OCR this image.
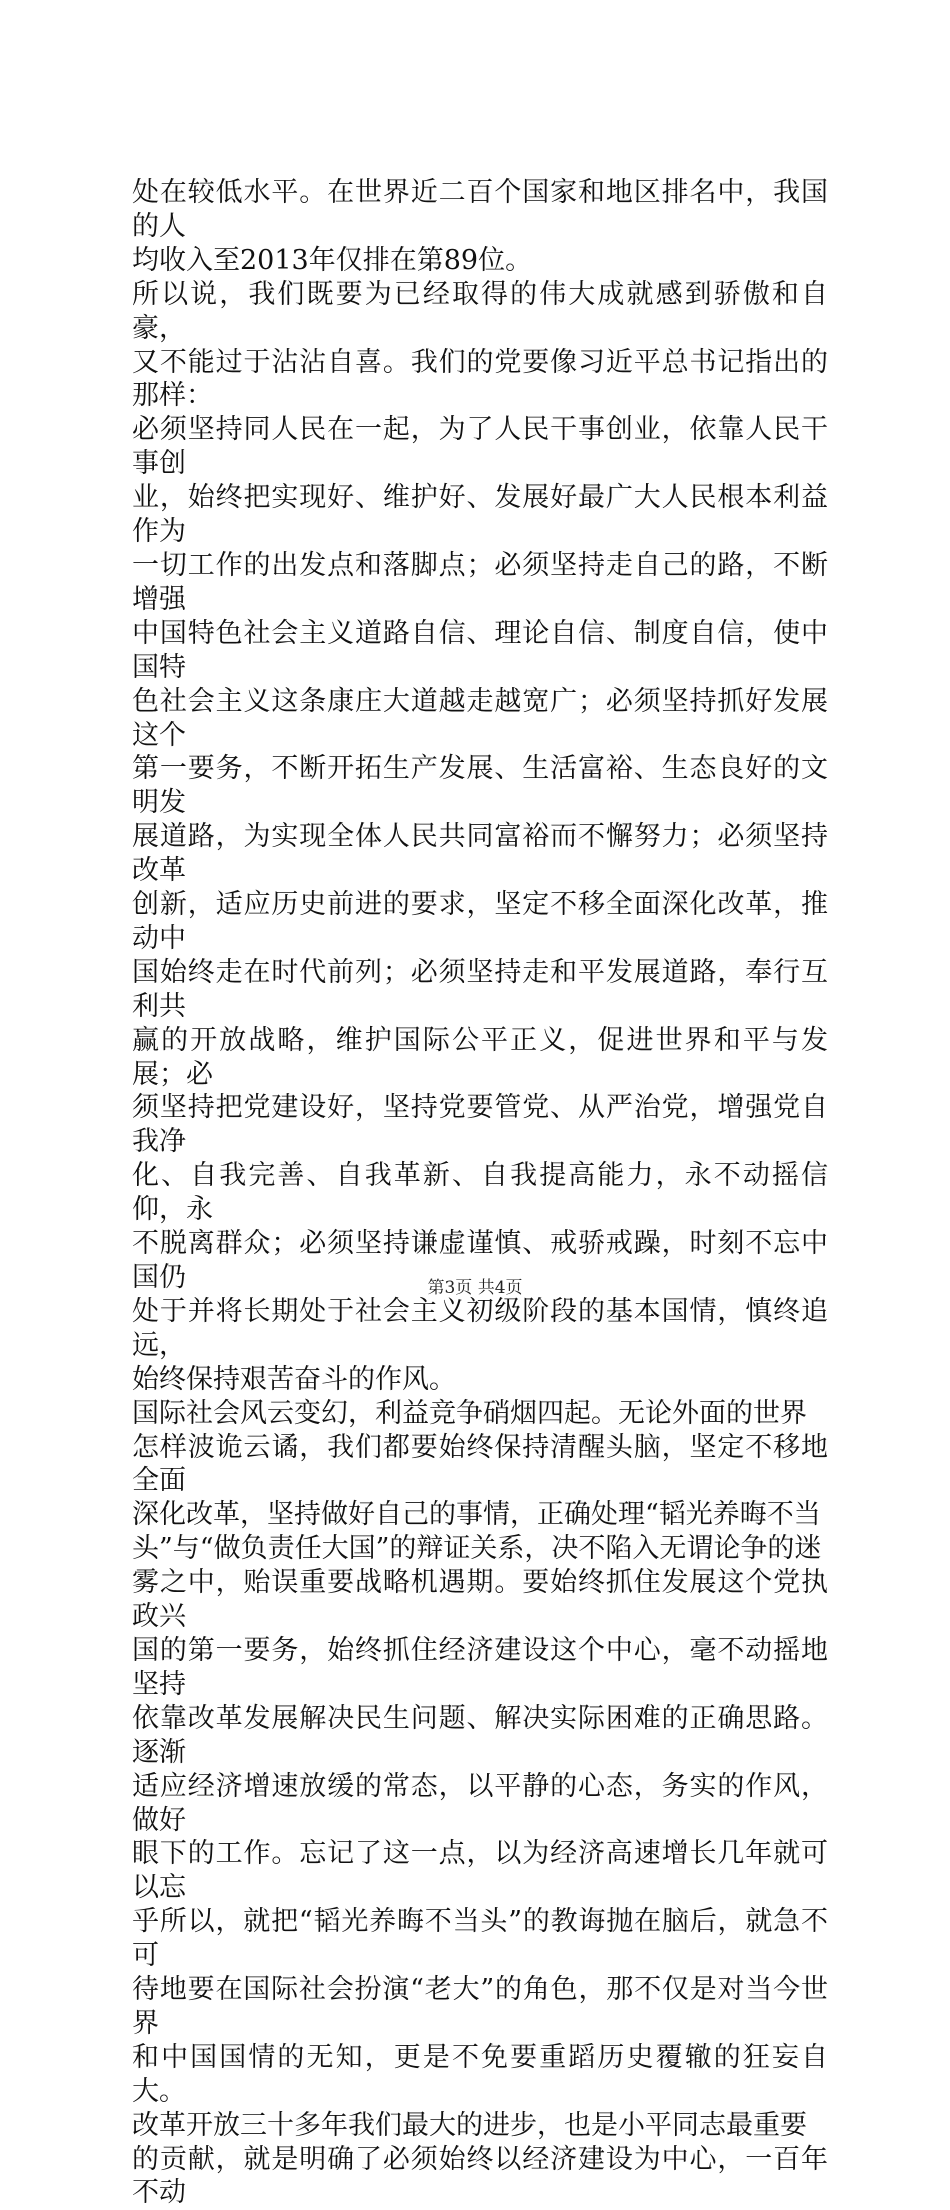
处在较低水平。在世界近二百个国家和地区排名中，我国的人
均收入至2013年仅排在第89位。

所以说，我们既要为已经取得的伟大成就感到骄傲和自豪，
又不能过于沾沾自喜。我们的党要像习近平总书记指出的那样：
必须坚持同人民在一起，为了人民干事创业，依靠人民干事创
业，始终把实现好、维护好、发展好最广大人民根本利益作为
一切工作的出发点和落脚点；必须坚持走自己的路，不断增强
中国特色社会主义道路自信、理论自信、制度自信，使中国特
色社会主义这条康庄大道越走越宽广；必须坚持抓好发展这个
第一要务，不断开拓生产发展、生活富裕、生态良好的文明发
展道路，为实现全体人民共同富裕而不懈努力；必须坚持改革
创新，适应历史前进的要求，坚定不移全面深化改革，推动中
国始终走在时代前列；必须坚持走和平发展道路，奉行互利共
赢的开放战略，维护国际公平正义，促进世界和平与发展；必
须坚持把党建设好，坚持党要管党、从严治党，增强党自我净
化、自我完善、自我革新、自我提高能力，永不动摇信仰，永
不脱离群众；必须坚持谦虚谨慎、戒骄戒躁，时刻不忘中国仍
处于并将长期处于社会主义初级阶段的基本国情，慎终追远，
始终保持艰苦奋斗的作风。

国际社会风云变幻，利益竞争硝烟四起。无论外面的世界
怎样波诡云谲，我们都要始终保持清醒头脑，坚定不移地全面
深化改革，坚持做好自己的事情，正确处理“韬光养晦不当
头”与“做负责任大国”的辩证关系，决不陷入无谓论争的迷
雾之中，贻误重要战略机遇期。要始终抓住发展这个党执政兴
国的第一要务，始终抓住经济建设这个中心，毫不动摇地坚持
依靠改革发展解决民生问题、解决实际困难的正确思路。逐渐
适应经济增速放缓的常态，以平静的心态，务实的作风，做好
眼下的工作。忘记了这一点，以为经济高速增长几年就可以忘
乎所以，就把“韬光养晦不当头”的教诲抛在脑后，就急不可
待地要在国际社会扮演“老大”的角色，那不仅是对当今世界
和中国国情的无知，更是不免要重蹈历史覆辙的狂妄自大。

改革开放三十多年我们最大的进步，也是小平同志最重要
的贡献，就是明确了必须始终以经济建设为中心，一百年不动

第3页 共4页
